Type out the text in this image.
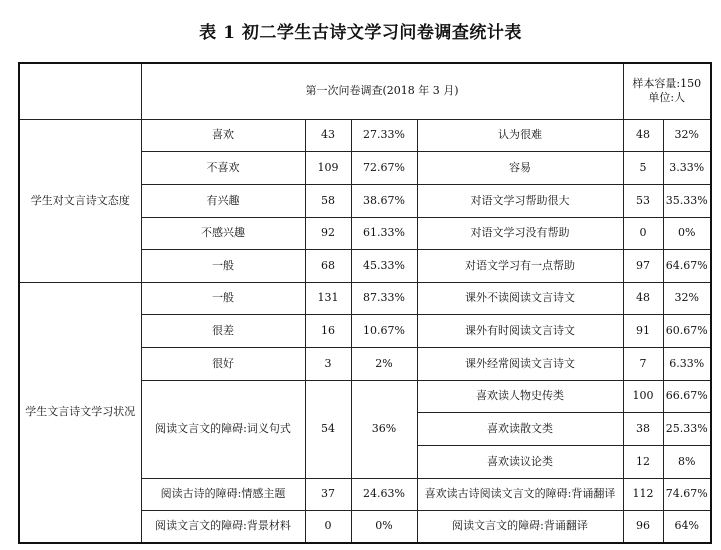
表 1 初二学生古诗文学习问卷调查统计表
	第一次问卷调查(2018 年 3 月)				样本容量:150
单位:人	
学生对文言诗文态度	喜欢	43	27.33%	认为很难	48	32%
	不喜欢	109	72.67%	容易	5	3.33%
	有兴趣	58	38.67%	对语文学习帮助很大	53	35.33%
	不感兴趣	92	61.33%	对语文学习没有帮助	0	0%
	一般	68	45.33%	对语文学习有一点帮助	97	64.67%
学生文言诗文学习状况	一般	131	87.33%	课外不读阅读文言诗文	48	32%
	很差	16	10.67%	课外有时阅读文言诗文	91	60.67%
	很好	3	2%	课外经常阅读文言诗文	7	6.33%
	阅读文言文的障碍:词义句式	54	36%	喜欢读人物史传类	100	66.67%
				喜欢读散文类	38	25.33%
				喜欢读议论类	12	8%
	阅读古诗的障碍:情感主题	37	24.63%	喜欢读古诗阅读文言文的障碍:背诵翻译	112	74.67%
	阅读文言文的障碍:背景材料	0	0%	阅读文言文的障碍:背诵翻译	96	64%
